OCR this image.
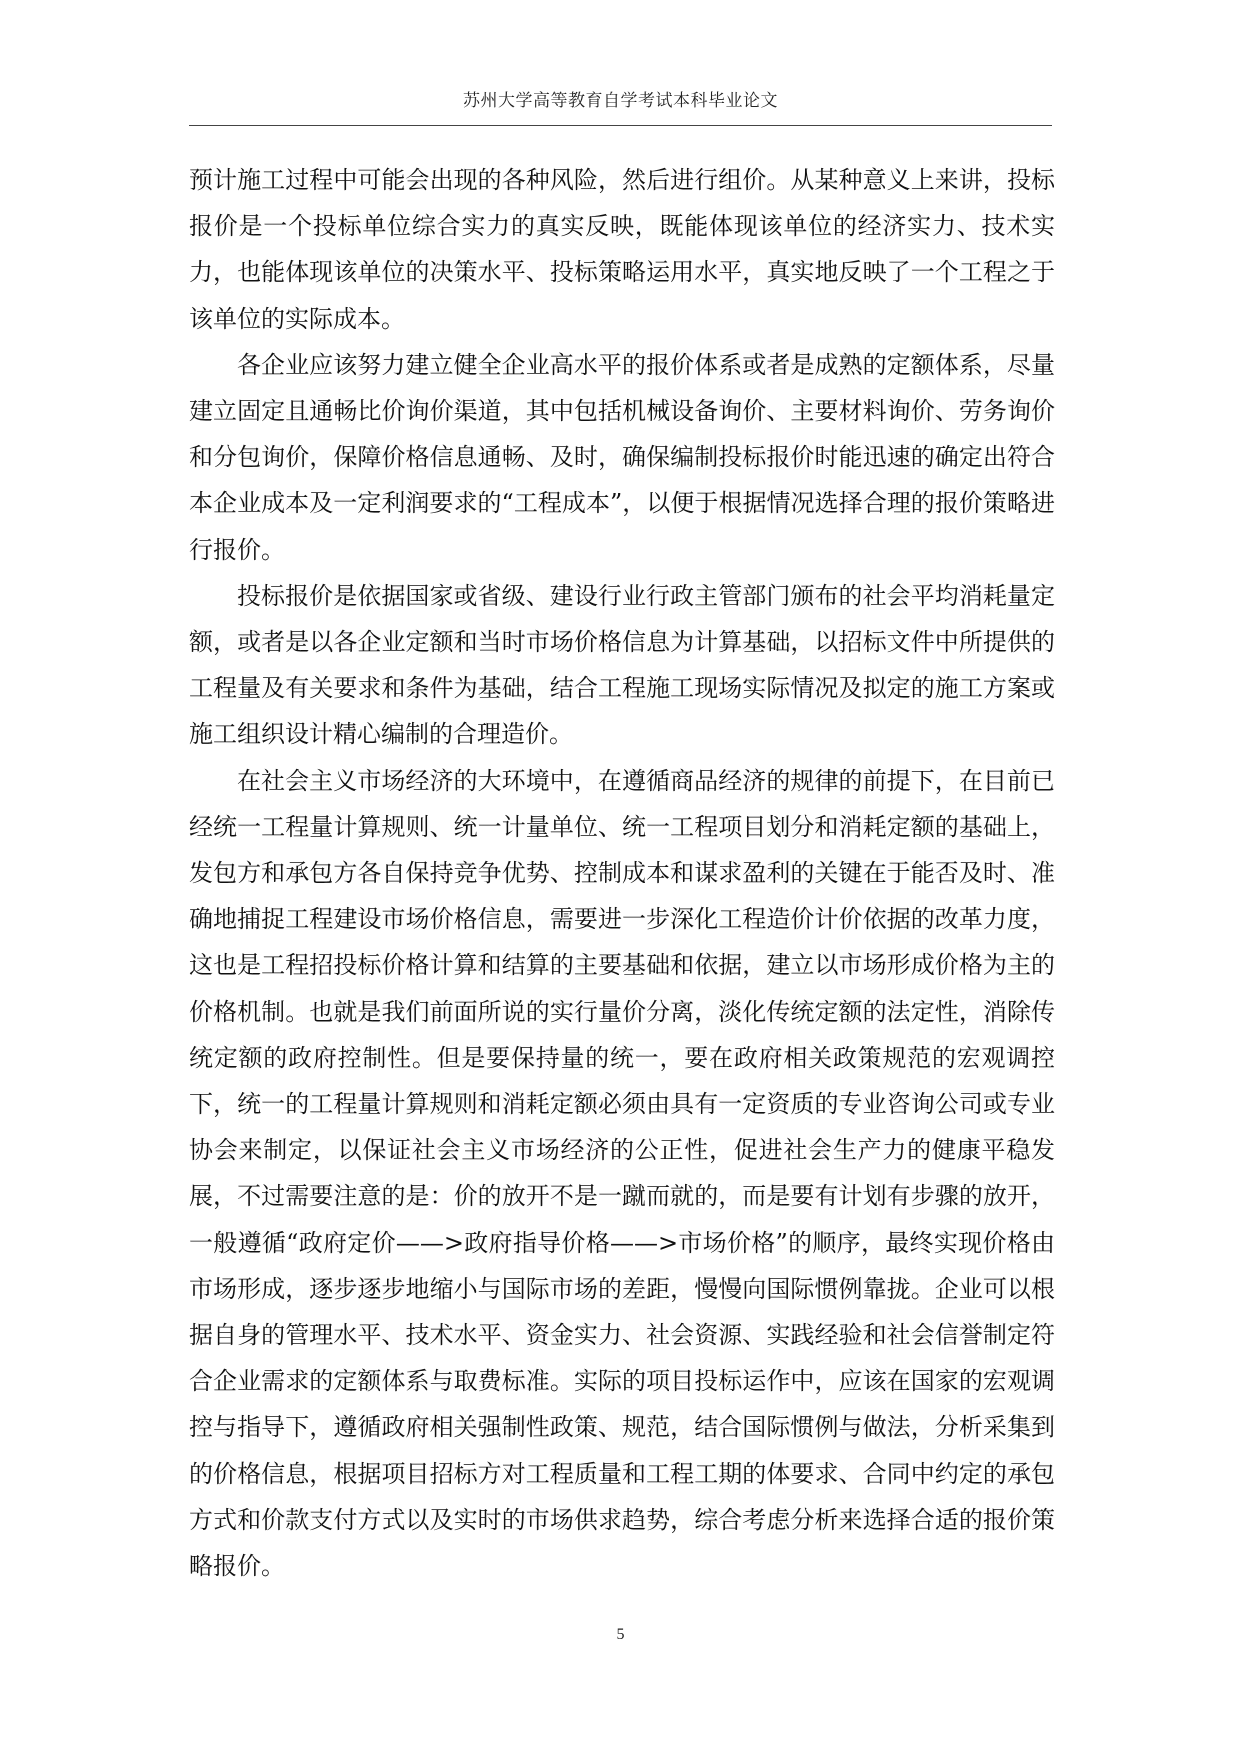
苏州大学高等教育自学考试本科毕业论文

预计施工过程中可能会出现的各种风险，然后进行组价。从某种意义上来讲，投标报价是一个投标单位综合实力的真实反映，既能体现该单位的经济实力、技术实力，也能体现该单位的决策水平、投标策略运用水平，真实地反映了一个工程之于该单位的实际成本。

各企业应该努力建立健全企业高水平的报价体系或者是成熟的定额体系，尽量建立固定且通畅比价询价渠道，其中包括机械设备询价、主要材料询价、劳务询价和分包询价，保障价格信息通畅、及时，确保编制投标报价时能迅速的确定出符合本企业成本及一定利润要求的“工程成本”，以便于根据情况选择合理的报价策略进行报价。

投标报价是依据国家或省级、建设行业行政主管部门颁布的社会平均消耗量定额，或者是以各企业定额和当时市场价格信息为计算基础，以招标文件中所提供的工程量及有关要求和条件为基础，结合工程施工现场实际情况及拟定的施工方案或施工组织设计精心编制的合理造价。

在社会主义市场经济的大环境中，在遵循商品经济的规律的前提下，在目前已经统一工程量计算规则、统一计量单位、统一工程项目划分和消耗定额的基础上，发包方和承包方各自保持竞争优势、控制成本和谋求盈利的关键在于能否及时、准确地捕捉工程建设市场价格信息，需要进一步深化工程造价计价依据的改革力度，这也是工程招投标价格计算和结算的主要基础和依据，建立以市场形成价格为主的价格机制。也就是我们前面所说的实行量价分离，淡化传统定额的法定性，消除传统定额的政府控制性。但是要保持量的统一，要在政府相关政策规范的宏观调控下，统一的工程量计算规则和消耗定额必须由具有一定资质的专业咨询公司或专业协会来制定，以保证社会主义市场经济的公正性，促进社会生产力的健康平稳发展，不过需要注意的是：价的放开不是一蹴而就的，而是要有计划有步骤的放开，一般遵循“政府定价——>政府指导价格——>市场价格”的顺序，最终实现价格由市场形成，逐步逐步地缩小与国际市场的差距，慢慢向国际惯例靠拢。企业可以根据自身的管理水平、技术水平、资金实力、社会资源、实践经验和社会信誉制定符合企业需求的定额体系与取费标准。实际的项目投标运作中，应该在国家的宏观调控与指导下，遵循政府相关强制性政策、规范，结合国际惯例与做法，分析采集到的价格信息，根据项目招标方对工程质量和工程工期的体要求、合同中约定的承包方式和价款支付方式以及实时的市场供求趋势，综合考虑分析来选择合适的报价策略报价。

5
